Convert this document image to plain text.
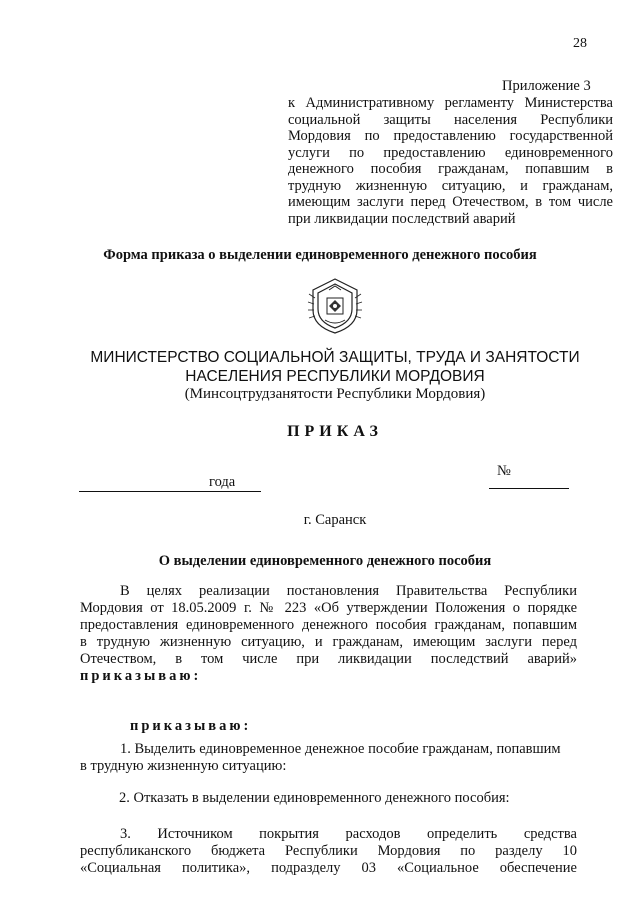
28
Приложение 3
к Административному регламенту Министерства
социальной защиты населения Республики
Мордовия по предоставлению государственной
услуги по предоставлению единовременного
денежного пособия гражданам, попавшим в
трудную жизненную ситуацию, и гражданам,
имеющим заслуги перед Отечеством, в том числе
при ликвидации последствий аварий
Форма приказа о выделении единовременного денежного пособия
МИНИСТЕРСТВО СОЦИАЛЬНОЙ ЗАЩИТЫ, ТРУДА И ЗАНЯТОСТИ
НАСЕЛЕНИЯ РЕСПУБЛИКИ МОРДОВИЯ
(Минсоцтрудзанятости Республики Мордовия)
ПРИКАЗ
года
№
г. Саранск
О выделении единовременного денежного пособия
В целях реализации постановления Правительства Республики
Мордовия от 18.05.2009 г. № 223 «Об утверждении Положения о порядке
предоставления единовременного денежного пособия гражданам, попавшим
в трудную жизненную ситуацию, и гражданам, имеющим заслуги перед
Отечеством, в том числе при ликвидации последствий аварий»
приказываю:
приказываю:
1. Выделить единовременное денежное пособие гражданам, попавшим
в трудную жизненную ситуацию:
2. Отказать в выделении единовременного денежного пособия:
3. Источником покрытия расходов определить средства
республиканского бюджета Республики Мордовия по разделу 10
«Социальная политика», подразделу 03 «Социальное обеспечение
